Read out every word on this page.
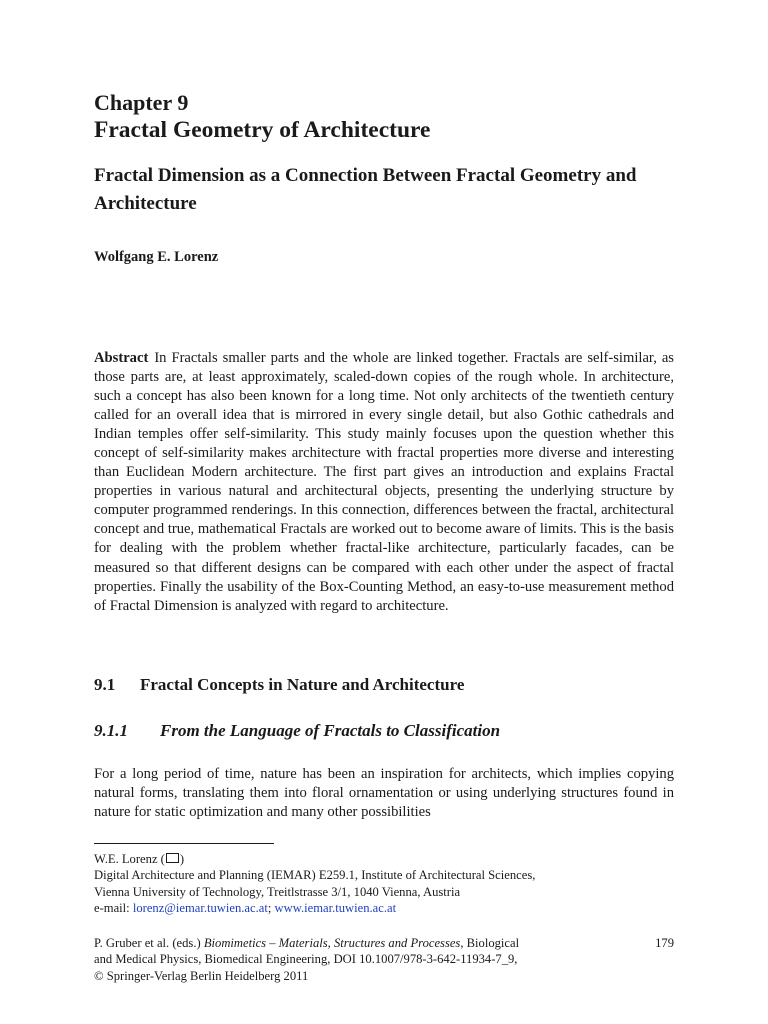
Chapter 9
Fractal Geometry of Architecture
Fractal Dimension as a Connection Between Fractal Geometry and Architecture
Wolfgang E. Lorenz

Abstract In Fractals smaller parts and the whole are linked together. Fractals are self-similar, as those parts are, at least approximately, scaled-down copies of the rough whole. In architecture, such a concept has also been known for a long time. Not only architects of the twentieth century called for an overall idea that is mirrored in every single detail, but also Gothic cathedrals and Indian temples offer self-similarity. This study mainly focuses upon the question whether this concept of self-similarity makes architecture with fractal properties more diverse and interesting than Euclidean Modern architecture. The first part gives an introduction and explains Fractal properties in various natural and architectural objects, presenting the underlying structure by computer programmed renderings. In this connection, differences between the fractal, architectural concept and true, mathematical Fractals are worked out to become aware of limits. This is the basis for dealing with the problem whether fractal-like architecture, particularly facades, can be measured so that different designs can be compared with each other under the aspect of fractal properties. Finally the usability of the Box-Counting Method, an easy-to-use measurement method of Fractal Dimension is analyzed with regard to architecture.

9.1 Fractal Concepts in Nature and Architecture
9.1.1 From the Language of Fractals to Classification

For a long period of time, nature has been an inspiration for architects, which implies copying natural forms, translating them into floral ornamentation or using underlying structures found in nature for static optimization and many other possibilities

W.E. Lorenz ( )
Digital Architecture and Planning (IEMAR) E259.1, Institute of Architectural Sciences,
Vienna University of Technology, Treitlstrasse 3/1, 1040 Vienna, Austria
e-mail: lorenz@iemar.tuwien.ac.at; www.iemar.tuwien.ac.at
P. Gruber et al. (eds.) Biomimetics – Materials, Structures and Processes, Biological
and Medical Physics, Biomedical Engineering, DOI 10.1007/978-3-642-11934-7_9,
© Springer-Verlag Berlin Heidelberg 2011
179
